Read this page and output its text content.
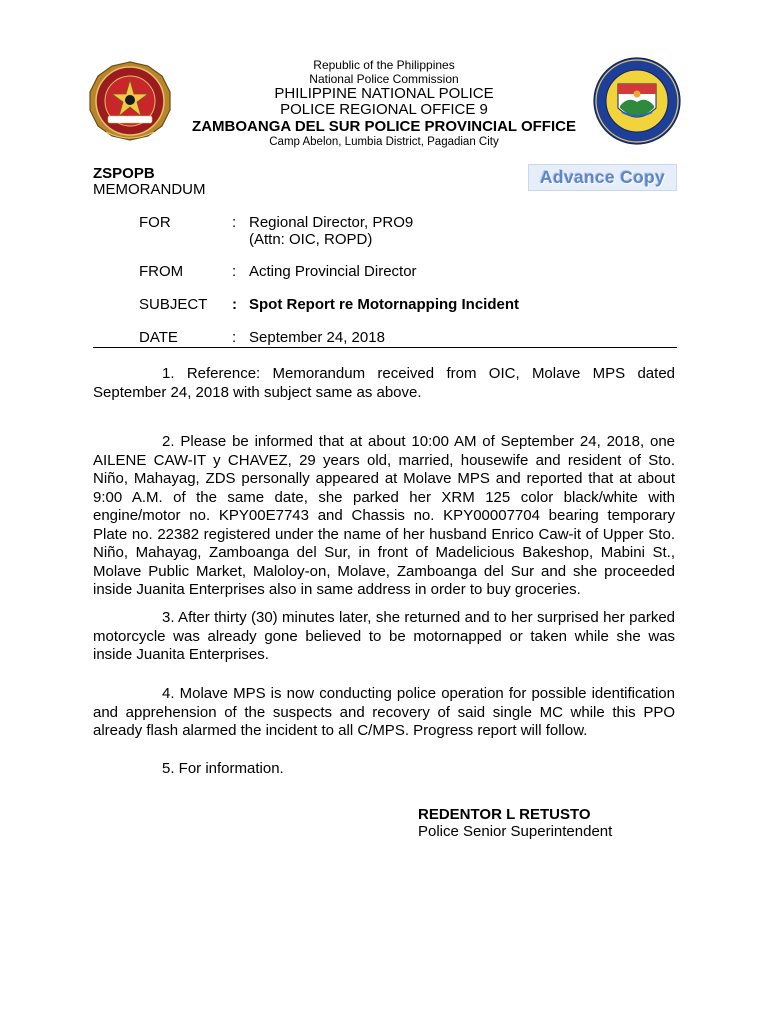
Republic of the Philippines
National Police Commission
PHILIPPINE NATIONAL POLICE
POLICE REGIONAL OFFICE 9
ZAMBOANGA DEL SUR POLICE PROVINCIAL OFFICE
Camp Abelon, Lumbia District, Pagadian City
ZSPOPB
MEMORANDUM
Advance Copy
FOR	: Regional Director, PRO9
(Attn: OIC, ROPD)
FROM	: Acting Provincial Director
SUBJECT : Spot Report re Motornapping Incident
DATE	: September 24, 2018

1. Reference: Memorandum received from OIC, Molave MPS dated September 24, 2018 with subject same as above.

2. Please be informed that at about 10:00 AM of September 24, 2018, one AILENE CAW-IT y CHAVEZ, 29 years old, married, housewife and resident of Sto. Niño, Mahayag, ZDS personally appeared at Molave MPS and reported that at about 9:00 A.M. of the same date, she parked her XRM 125 color black/white with engine/motor no. KPY00E7743 and Chassis no. KPY00007704 bearing temporary Plate no. 22382 registered under the name of her husband Enrico Caw-it of Upper Sto. Niño, Mahayag, Zamboanga del Sur, in front of Madelicious Bakeshop, Mabini St., Molave Public Market, Maloloy-on, Molave, Zamboanga del Sur and she proceeded inside Juanita Enterprises also in same address in order to buy groceries.

3. After thirty (30) minutes later, she returned and to her surprised her parked motorcycle was already gone believed to be motornapped or taken while she was inside Juanita Enterprises.

4. Molave MPS is now conducting police operation for possible identification and apprehension of the suspects and recovery of said single MC while this PPO already flash alarmed the incident to all C/MPS. Progress report will follow.

5. For information.

REDENTOR L RETUSTO
Police Senior Superintendent
